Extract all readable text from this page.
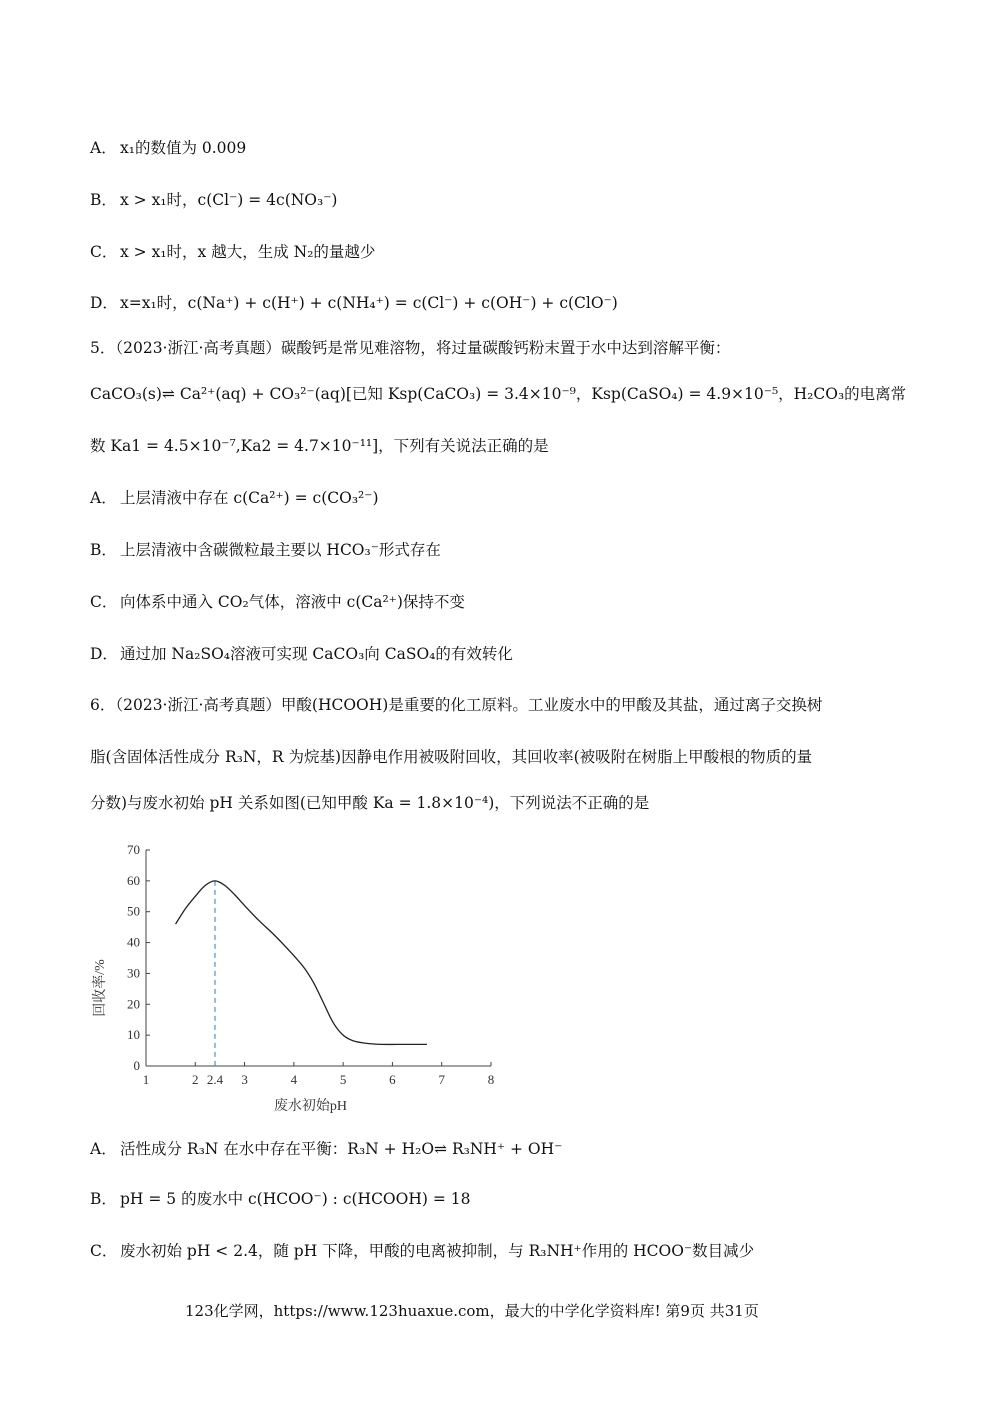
A． x₁的数值为 0.009
B． x > x₁时，c(Cl⁻) = 4c(NO₃⁻)
C． x > x₁时，x 越大，生成 N₂的量越少
D． x=x₁时，c(Na⁺) + c(H⁺) + c(NH₄⁺) = c(Cl⁻) + c(OH⁻) + c(ClO⁻)
5．（2023·浙江·高考真题）碳酸钙是常见难溶物，将过量碳酸钙粉末置于水中达到溶解平衡：
CaCO₃(s)⇌ Ca²⁺(aq) + CO₃²⁻(aq)[已知 Ksp(CaCO₃) = 3.4×10⁻⁹，Ksp(CaSO₄) = 4.9×10⁻⁵，H₂CO₃的电离常
数 Ka1 = 4.5×10⁻⁷,Ka2 = 4.7×10⁻¹¹]，下列有关说法正确的是
A． 上层清液中存在 c(Ca²⁺) = c(CO₃²⁻)
B． 上层清液中含碳微粒最主要以 HCO₃⁻形式存在
C． 向体系中通入 CO₂气体，溶液中 c(Ca²⁺)保持不变
D． 通过加 Na₂SO₄溶液可实现 CaCO₃向 CaSO₄的有效转化
6．（2023·浙江·高考真题）甲酸(HCOOH)是重要的化工原料。工业废水中的甲酸及其盐，通过离子交换树
脂(含固体活性成分 R₃N，R 为烷基)因静电作用被吸附回收，其回收率(被吸附在树脂上甲酸根的物质的量
分数)与废水初始 pH 关系如图(已知甲酸 Ka = 1.8×10⁻⁴)，下列说法不正确的是
0
10
20
30
40
50
60
70
1	2 2.4 3	4	5	6	7	8
废水初始pH
回收率/%
A． 活性成分 R₃N 在水中存在平衡：R₃N + H₂O⇌ R₃NH⁺ + OH⁻
B． pH = 5 的废水中 c(HCOO⁻) : c(HCOOH) = 18
C． 废水初始 pH < 2.4，随 pH 下降，甲酸的电离被抑制，与 R₃NH⁺作用的 HCOO⁻数目减少
123化学网，https://www.123huaxue.com，最大的中学化学资料库! 第9页 共31页
